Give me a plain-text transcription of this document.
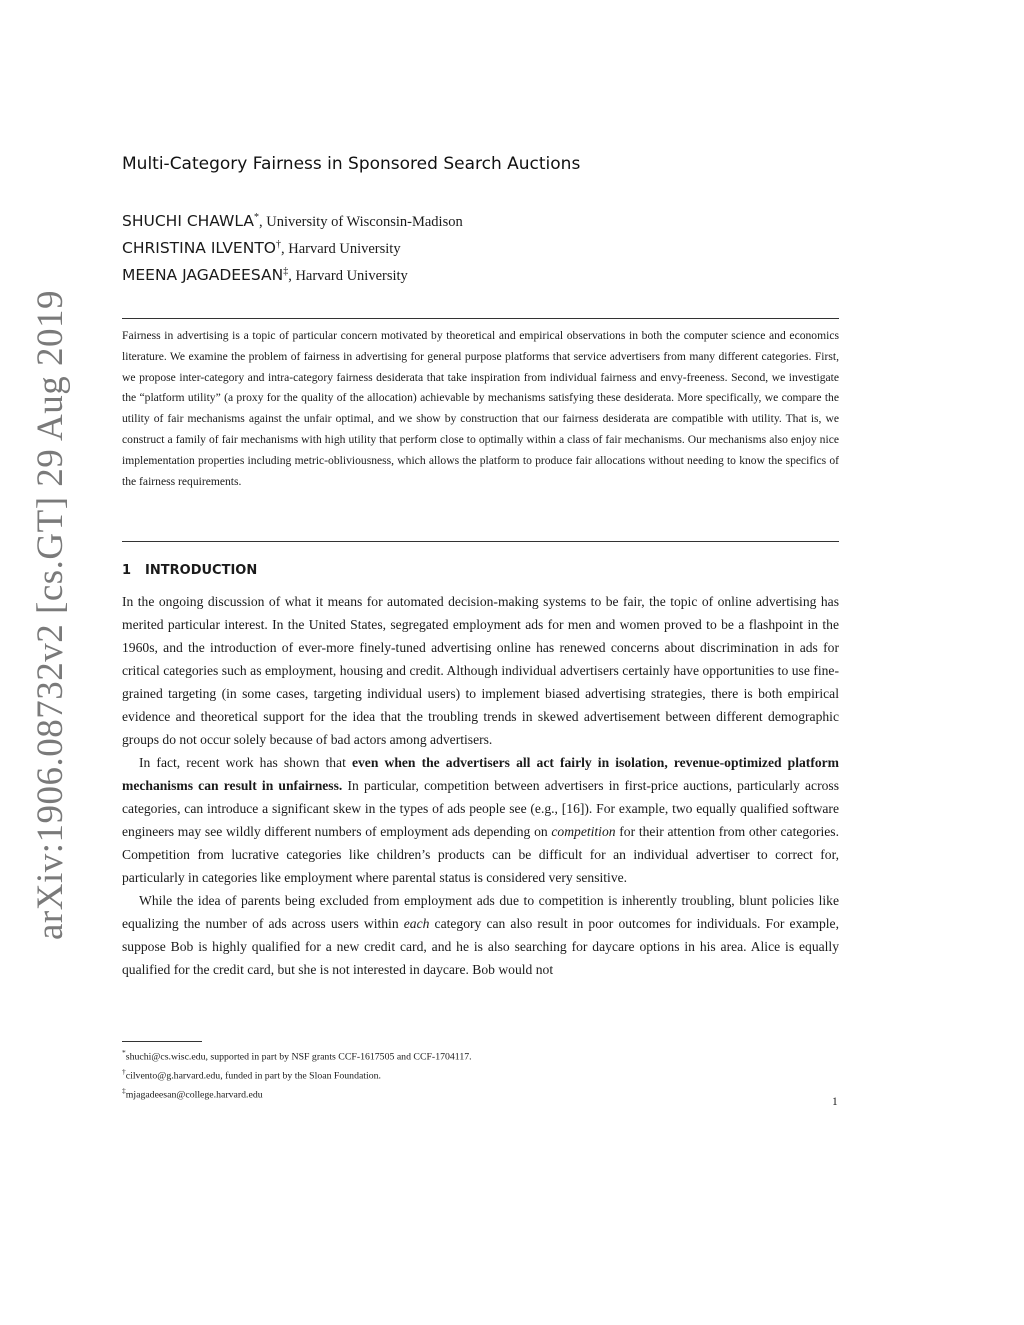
arXiv:1906.08732v2 [cs.GT] 29 Aug 2019
Multi-Category Fairness in Sponsored Search Auctions
SHUCHI CHAWLA*, University of Wisconsin-Madison
CHRISTINA ILVENTO†, Harvard University
MEENA JAGADEESAN‡, Harvard University

Fairness in advertising is a topic of particular concern motivated by theoretical and empirical observations in both the computer science and economics literature. We examine the problem of fairness in advertising for general purpose platforms that service advertisers from many different categories. First, we propose inter-category and intra-category fairness desiderata that take inspiration from individual fairness and envy-freeness. Second, we investigate the “platform utility” (a proxy for the quality of the allocation) achievable by mechanisms satisfying these desiderata. More specifically, we compare the utility of fair mechanisms against the unfair optimal, and we show by construction that our fairness desiderata are compatible with utility. That is, we construct a family of fair mechanisms with high utility that perform close to optimally within a class of fair mechanisms. Our mechanisms also enjoy nice implementation properties including metric-obliviousness, which allows the platform to produce fair allocations without needing to know the specifics of the fairness requirements.

1 INTRODUCTION

In the ongoing discussion of what it means for automated decision-making systems to be fair, the topic of online advertising has merited particular interest. In the United States, segregated employment ads for men and women proved to be a flashpoint in the 1960s, and the introduction of ever-more finely-tuned advertising online has renewed concerns about discrimination in ads for critical categories such as employment, housing and credit. Although individual advertisers certainly have opportunities to use fine-grained targeting (in some cases, targeting individual users) to implement biased advertising strategies, there is both empirical evidence and theoretical support for the idea that the troubling trends in skewed advertisement between different demographic groups do not occur solely because of bad actors among advertisers.

In fact, recent work has shown that even when the advertisers all act fairly in isolation, revenue-optimized platform mechanisms can result in unfairness. In particular, competition between advertisers in first-price auctions, particularly across categories, can introduce a significant skew in the types of ads people see (e.g., [16]). For example, two equally qualified software engineers may see wildly different numbers of employment ads depending on competition for their attention from other categories. Competition from lucrative categories like children’s products can be difficult for an individual advertiser to correct for, particularly in categories like employment where parental status is considered very sensitive.

While the idea of parents being excluded from employment ads due to competition is inherently troubling, blunt policies like equalizing the number of ads across users within each category can also result in poor outcomes for individuals. For example, suppose Bob is highly qualified for a new credit card, and he is also searching for daycare options in his area. Alice is equally qualified for the credit card, but she is not interested in daycare. Bob would not

*shuchi@cs.wisc.edu, supported in part by NSF grants CCF-1617505 and CCF-1704117.
†cilvento@g.harvard.edu, funded in part by the Sloan Foundation.
‡mjagadeesan@college.harvard.edu
1
